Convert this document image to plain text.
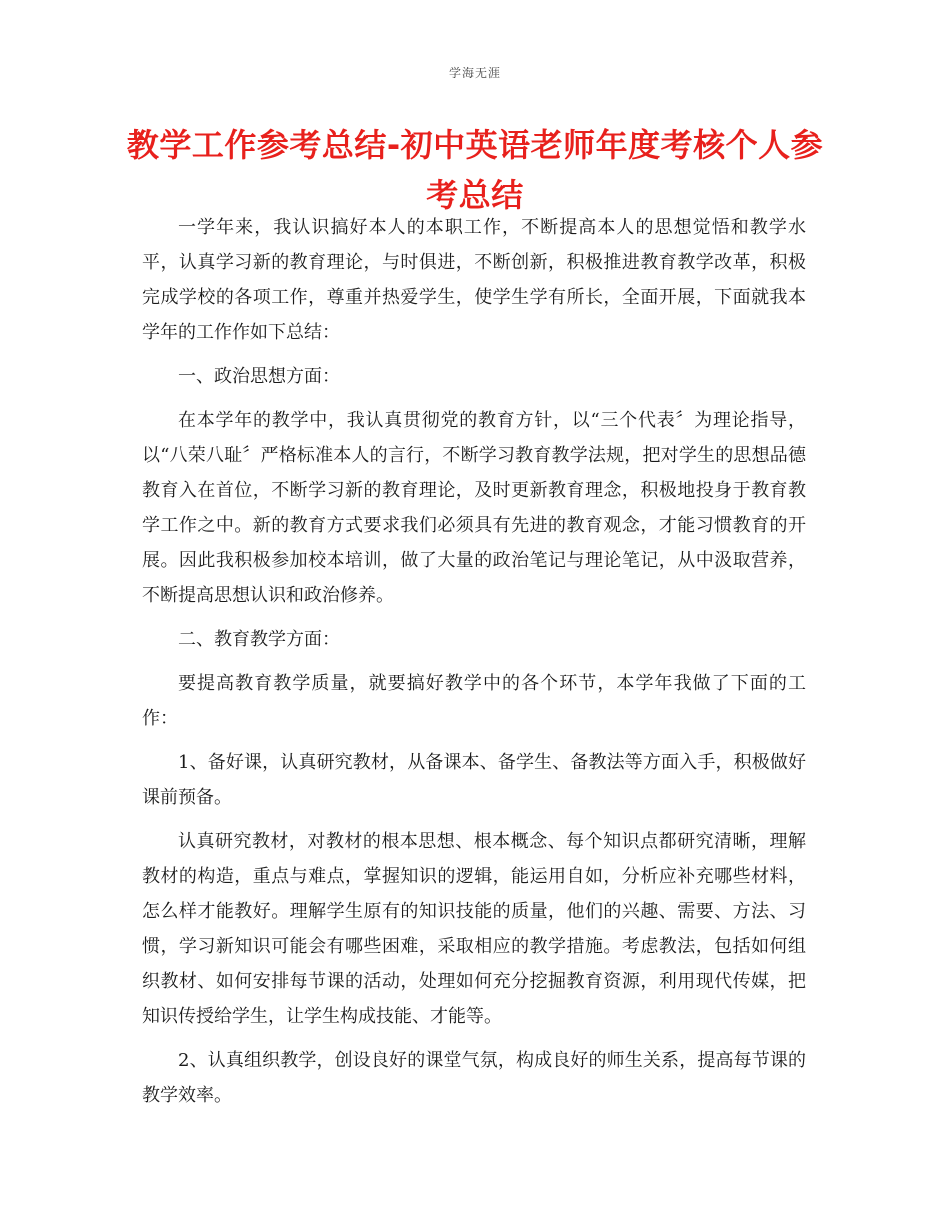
学海无涯
教学工作参考总结-初中英语老师年度考核个人参考总结

一学年来，我认识搞好本人的本职工作，不断提高本人的思想觉悟和教学水平，认真学习新的教育理论，与时俱进，不断创新，积极推进教育教学改革，积极完成学校的各项工作，尊重并热爱学生，使学生学有所长，全面开展，下面就我本学年的工作作如下总结：

一、政治思想方面：

在本学年的教学中，我认真贯彻党的教育方针，以“三个代表〞为理论指导，以“八荣八耻〞严格标准本人的言行，不断学习教育教学法规，把对学生的思想品德教育入在首位，不断学习新的教育理论，及时更新教育理念，积极地投身于教育教学工作之中。新的教育方式要求我们必须具有先进的教育观念，才能习惯教育的开展。因此我积极参加校本培训，做了大量的政治笔记与理论笔记，从中汲取营养，不断提高思想认识和政治修养。

二、教育教学方面：

要提高教育教学质量，就要搞好教学中的各个环节，本学年我做了下面的工作：

1、备好课，认真研究教材，从备课本、备学生、备教法等方面入手，积极做好课前预备。

认真研究教材，对教材的根本思想、根本概念、每个知识点都研究清晰，理解教材的构造，重点与难点，掌握知识的逻辑，能运用自如，分析应补充哪些材料，怎么样才能教好。理解学生原有的知识技能的质量，他们的兴趣、需要、方法、习惯，学习新知识可能会有哪些困难，采取相应的教学措施。考虑教法，包括如何组织教材、如何安排每节课的活动，处理如何充分挖掘教育资源，利用现代传媒，把知识传授给学生，让学生构成技能、才能等。

2、认真组织教学，创设良好的课堂气氛，构成良好的师生关系，提高每节课的教学效率。
